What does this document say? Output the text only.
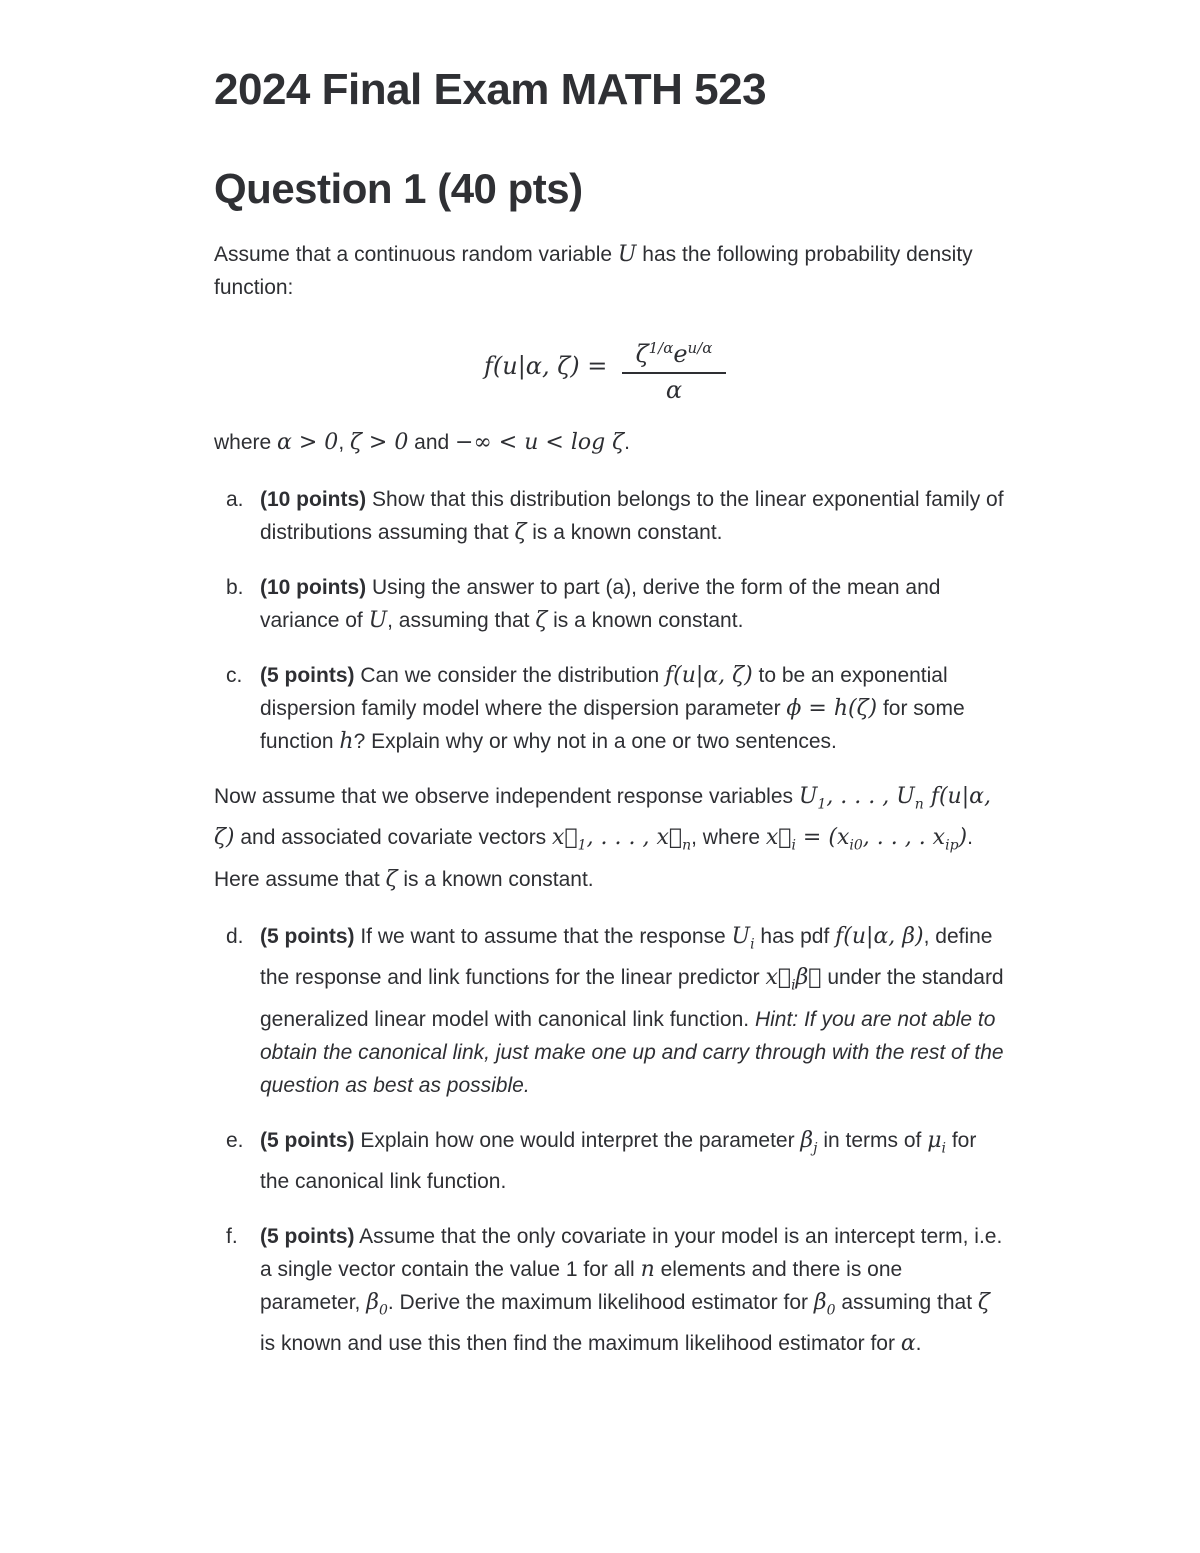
2024 Final Exam MATH 523
Question 1 (40 pts)

Assume that a continuous random variable U has the following probability density function:

f(u|α, ζ) =	$\zeta^{1/\alpha}e^{u/\alpha}$
α

where α > 0, ζ > 0 and −∞ < u < log ζ.

a. (10 points) Show that this distribution belongs to the linear exponential family of distributions assuming that ζ is a known constant.
b. (10 points) Using the answer to part (a), derive the form of the mean and variance of U, assuming that ζ is a known constant.
c. (5 points) Can we consider the distribution f(u|α, ζ) to be an exponential dispersion family model where the dispersion parameter ϕ = h(ζ) for some function h? Explain why or why not in a one or two sentences.

Now assume that we observe independent response variables $U_1$, . . . , $U_n$ f(u|α, ζ) and associated covariate vectors $x⃗_1$, . . . , $x⃗_n$, where $x⃗_i = (x_{i0}$, . . , . $x_{ip}$). Here assume that ζ is a known constant.

d. (5 points) If we want to assume that the response $U_i$ has pdf f(u|α, β), define the response and link functions for the linear predictor $x⃗_i\beta⃗$ under the standard generalized linear model with canonical link function. Hint: If you are not able to obtain the canonical link, just make one up and carry through with the rest of the question as best as possible.
e. (5 points) Explain how one would interpret the parameter $\beta_j$ in terms of $\mu_i$ for the canonical link function.
f. (5 points) Assume that the only covariate in your model is an intercept term, i.e. a single vector contain the value 1 for all n elements and there is one parameter, $\beta_0$. Derive the maximum likelihood estimator for $\beta_0$ assuming that ζ is known and use this then find the maximum likelihood estimator for α.
